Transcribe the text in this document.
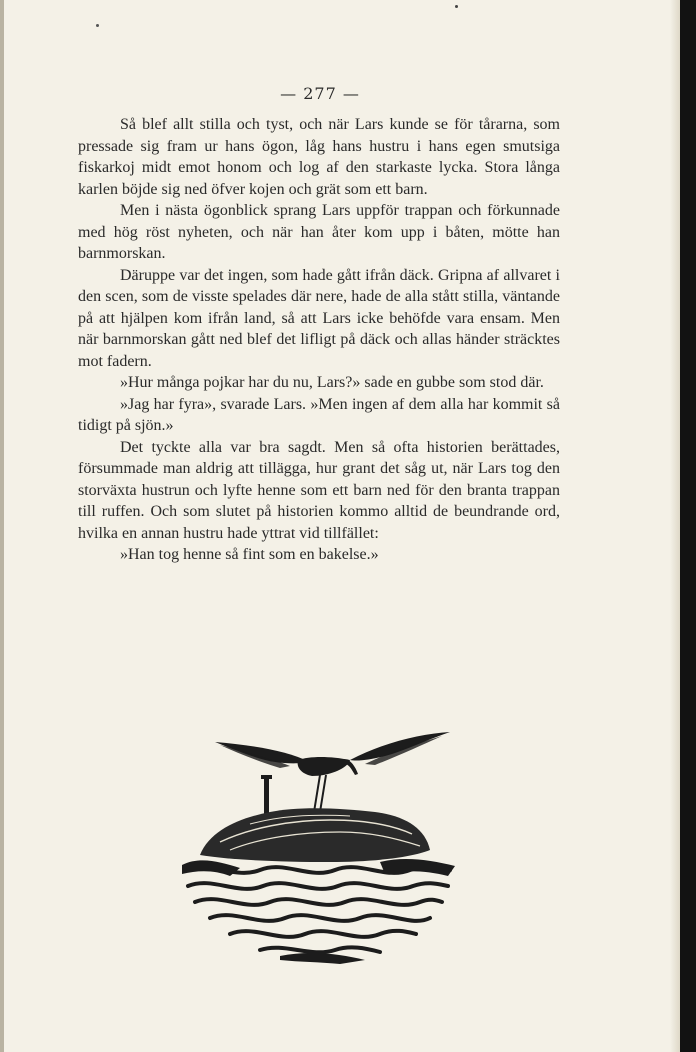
— 277 —

Så blef allt stilla och tyst, och när Lars kunde se för tårarna, som pressade sig fram ur hans ögon, låg hans hustru i hans egen smutsiga fiskarkoj midt emot honom och log af den starkaste lycka. Stora långa karlen böjde sig ned öfver kojen och grät som ett barn.

Men i nästa ögonblick sprang Lars uppför trappan och förkunnade med hög röst nyheten, och när han åter kom upp i båten, mötte han barnmorskan.

Däruppe var det ingen, som hade gått ifrån däck. Gripna af allvaret i den scen, som de visste spelades där nere, hade de alla stått stilla, väntande på att hjälpen kom ifrån land, så att Lars icke behöfde vara ensam. Men när barnmorskan gått ned blef det lifligt på däck och allas händer sträcktes mot fadern.

»Hur många pojkar har du nu, Lars?» sade en gubbe som stod där.

»Jag har fyra», svarade Lars. »Men ingen af dem alla har kommit så tidigt på sjön.»

Det tyckte alla var bra sagdt. Men så ofta historien berättades, försummade man aldrig att tillägga, hur grant det såg ut, när Lars tog den storväxta hustrun och lyfte henne som ett barn ned för den branta trappan till ruffen. Och som slutet på historien kommo alltid de beundrande ord, hvilka en annan hustru hade yttrat vid tillfället:

»Han tog henne så fint som en bakelse.»
